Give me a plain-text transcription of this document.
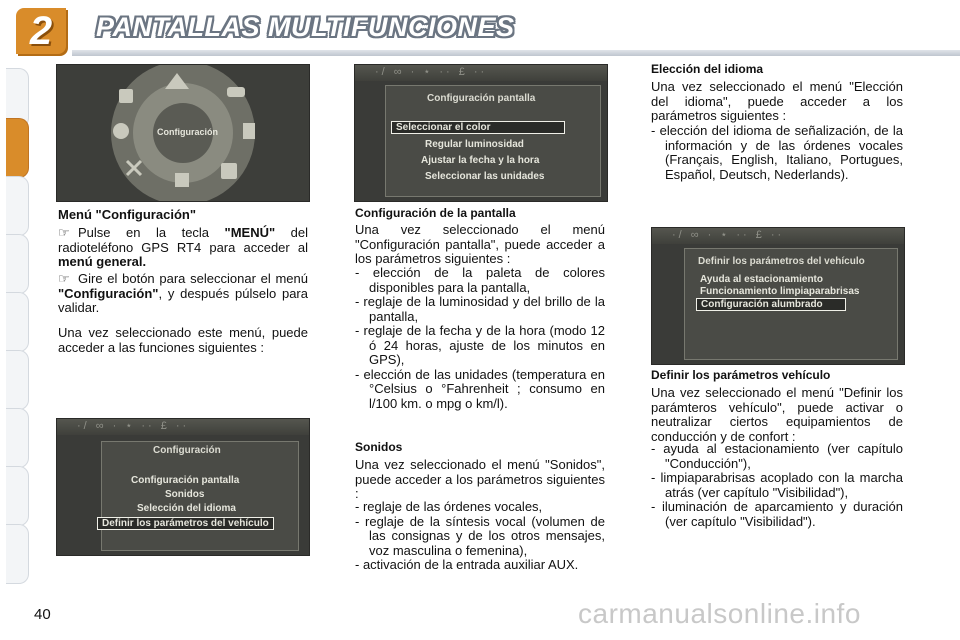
2 PANTALLAS MULTIFUNCIONES
Configuración
Menú "Configuración"
☞ Pulse en la tecla "MENÚ" del radioteléfono GPS RT4 para acceder al menú general.
☞ Gire el botón para seleccionar el menú "Configuración", y después púlselo para validar.
Una vez seleccionado este menú, puede acceder a las funciones siguientes :
·/ ∞ · ⋆ ·· £ ··
Configuración
Configuración pantalla
Sonidos
Selección del idioma
Definir los parámetros del vehículo
·/ ∞ · ⋆ ·· £ ··
Configuración pantalla
Seleccionar el color
Regular luminosidad
Ajustar la fecha y la hora
Seleccionar las unidades
Configuración de la pantalla
Una vez seleccionado el menú "Configuración pantalla", puede acceder a los parámetros siguientes :
- elección de la paleta de colores disponibles para la pantalla,
- reglaje de la luminosidad y del brillo de la pantalla,
- reglaje de la fecha y de la hora (modo 12 ó 24 horas, ajuste de los minutos en GPS),
- elección de las unidades (temperatura en °Celsius o °Fahrenheit ; consumo en l/100 km. o mpg o km/l).
Sonidos
Una vez seleccionado el menú "Sonidos", puede acceder a los parámetros siguientes :
- reglaje de las órdenes vocales,
- reglaje de la síntesis vocal (volumen de las consignas y de los otros mensajes, voz masculina o femenina),
- activación de la entrada auxiliar AUX.
Elección del idioma
Una vez seleccionado el menú "Elección del idioma", puede acceder a los parámetros siguientes :
- elección del idioma de señalización, de la información y de las órdenes vocales (Français, English, Italiano, Portugues, Español, Deutsch, Nederlands).
·/ ∞ · ⋆ ·· £ ··
Definir los parámetros del vehículo
Ayuda al estacionamiento
Funcionamiento limpiaparabrisas
Configuración alumbrado
Definir los parámetros vehículo
Una vez seleccionado el menú "Definir los parámteros vehículo", puede activar o neutralizar ciertos equipamientos de conducción y de confort :
- ayuda al estacionamiento (ver capítulo "Conducción"),
- limpiaparabrisas acoplado con la marcha atrás (ver capítulo "Visibilidad"),
- iluminación de aparcamiento y duración (ver capítulo "Visibilidad").
40	carmanualsonline.info
